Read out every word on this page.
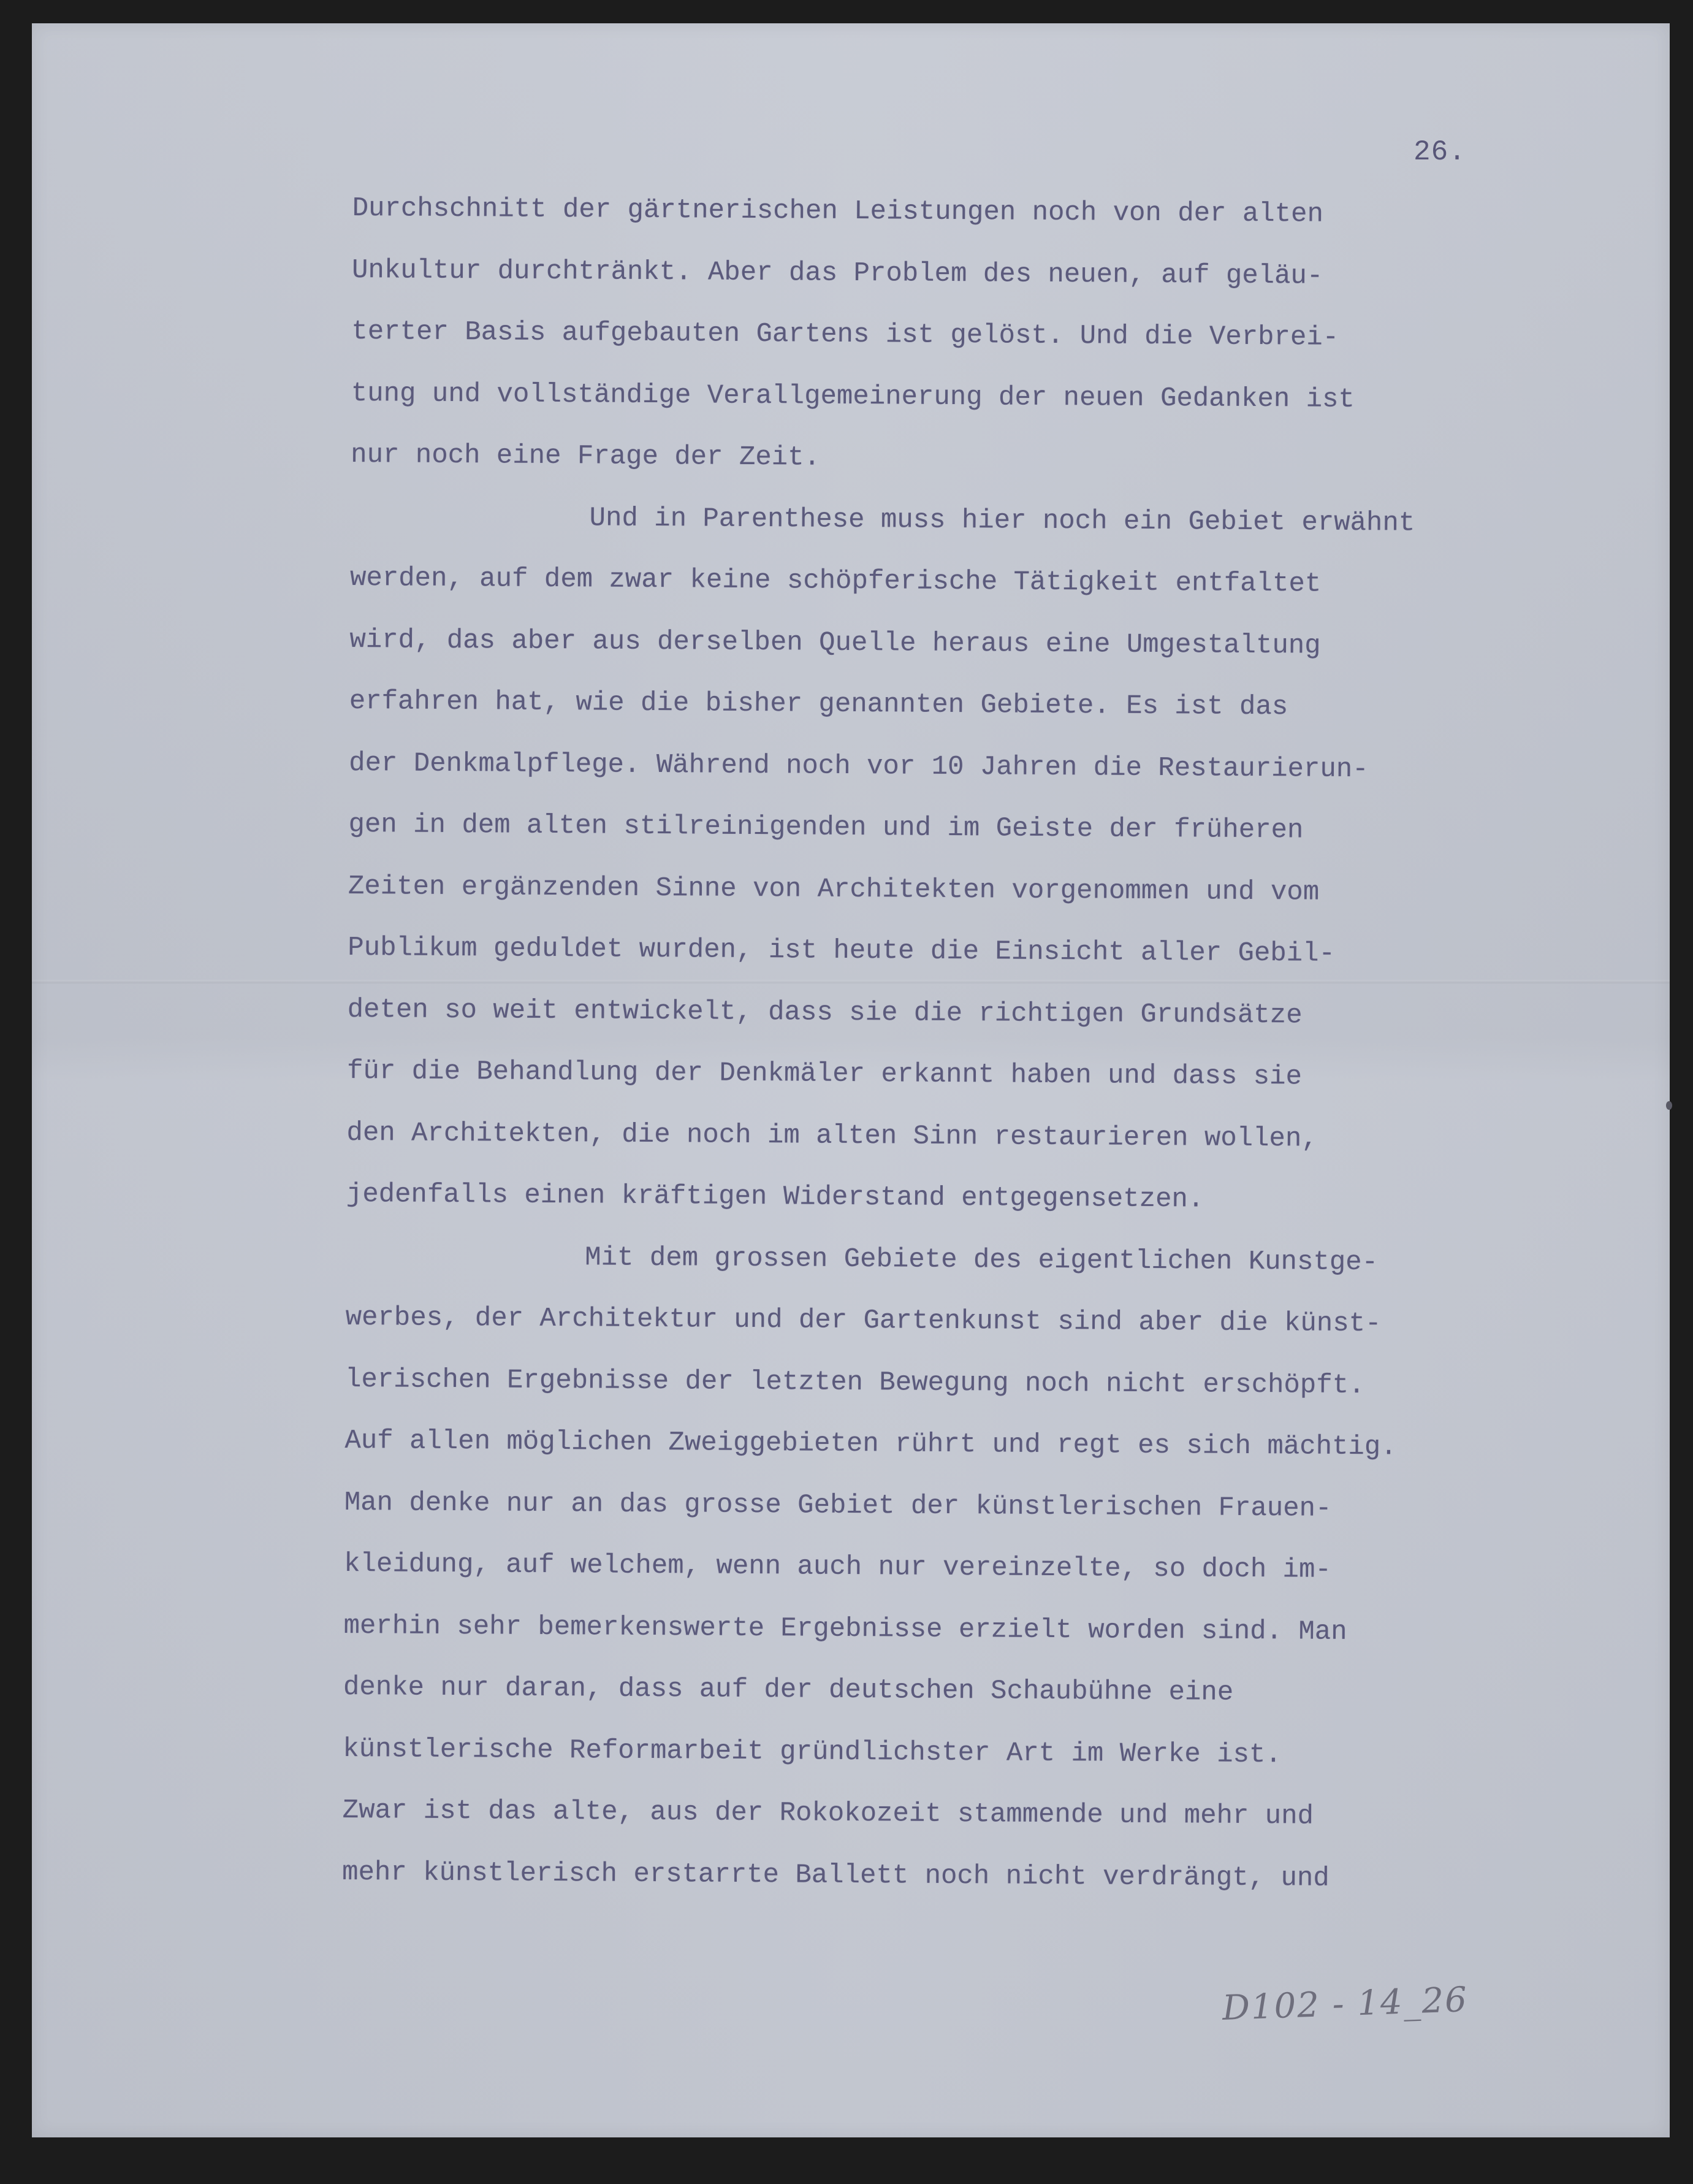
26.
Durchschnitt der gärtnerischen Leistungen noch von der alten
Unkultur durchtränkt. Aber das Problem des neuen, auf geläu-
terter Basis aufgebauten Gartens ist gelöst. Und die Verbrei-
tung und vollständige Verallgemeinerung der neuen Gedanken ist
nur noch eine Frage der Zeit.
Und in Parenthese muss hier noch ein Gebiet erwähnt
werden, auf dem zwar keine schöpferische Tätigkeit entfaltet
wird, das aber aus derselben Quelle heraus eine Umgestaltung
erfahren hat, wie die bisher genannten Gebiete. Es ist das
der Denkmalpflege. Während noch vor 10 Jahren die Restaurierun-
gen in dem alten stilreinigenden und im Geiste der früheren
Zeiten ergänzenden Sinne von Architekten vorgenommen und vom
Publikum geduldet wurden, ist heute die Einsicht aller Gebil-
deten so weit entwickelt, dass sie die richtigen Grundsätze
für die Behandlung der Denkmäler erkannt haben und dass sie
den Architekten, die noch im alten Sinn restaurieren wollen,
jedenfalls einen kräftigen Widerstand entgegensetzen.
Mit dem grossen Gebiete des eigentlichen Kunstge-
werbes, der Architektur und der Gartenkunst sind aber die künst-
lerischen Ergebnisse der letzten Bewegung noch nicht erschöpft.
Auf allen möglichen Zweiggebieten rührt und regt es sich mächtig.
Man denke nur an das grosse Gebiet der künstlerischen Frauen-
kleidung, auf welchem, wenn auch nur vereinzelte, so doch im-
merhin sehr bemerkenswerte Ergebnisse erzielt worden sind. Man
denke nur daran, dass auf der deutschen Schaubühne eine
künstlerische Reformarbeit gründlichster Art im Werke ist.
Zwar ist das alte, aus der Rokokozeit stammende und mehr und
mehr künstlerisch erstarrte Ballett noch nicht verdrängt, und
D102 - 14_26
